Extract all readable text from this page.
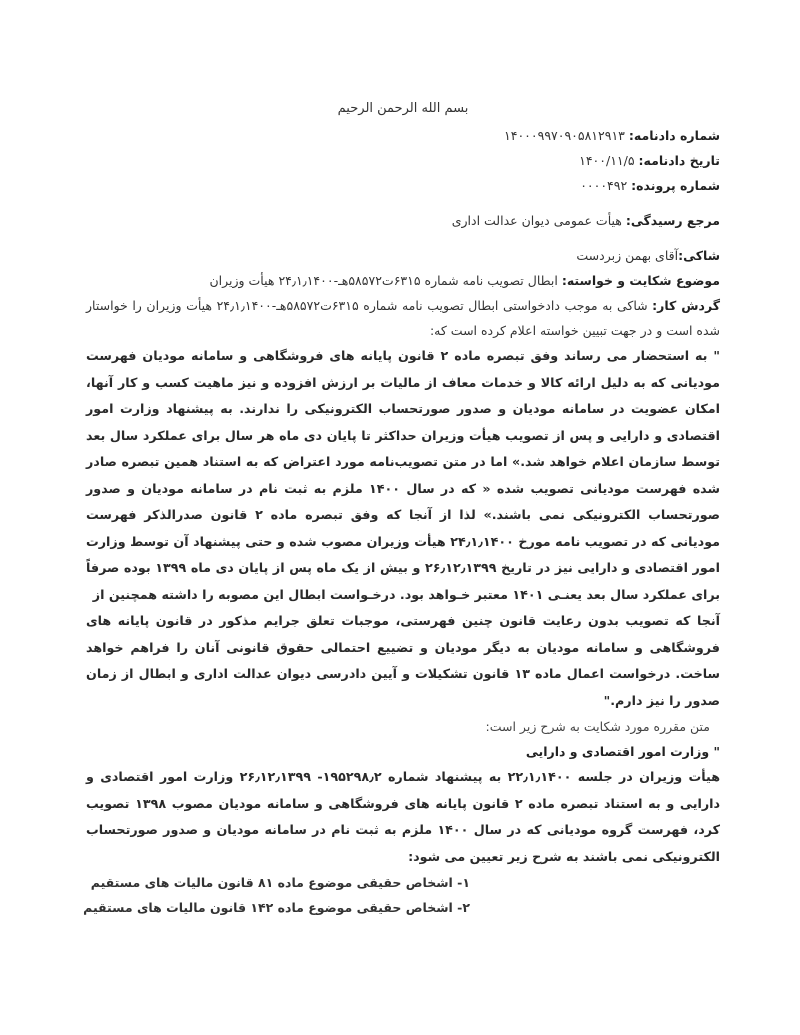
بسم الله الرحمن الرحیم

شماره دادنامه: ۱۴۰۰۰۹۹۷۰۹۰۵۸۱۲۹۱۳

تاریخ دادنامه: ۱۴۰۰/۱۱/۵

شماره پرونده: ۰۰۰۰۴۹۲

مرجع رسیدگی: هیأت عمومی دیوان عدالت اداری

شاکی:آقای بهمن زبردست

موضوع شکایت و خواسته: ابطال تصویب نامه شماره ۶۳۱۵ت۵۸۵۷۲هـ-۲۴٫۱٫۱۴۰۰ هیأت وزیران

گردش کار: شاکی به موجب دادخواستی ابطال تصویب نامه شماره ۶۳۱۵ت۵۸۵۷۲هـ-۲۴٫۱٫۱۴۰۰ هیأت وزیران را خواستار شده است و در جهت تبیین خواسته اعلام کرده است که:

" به استحضار می رساند وفق تبصره ماده ۲ قانون پایانه های فروشگاهی و سامانه مودیان فهرست مودیانی که به دلیل ارائه کالا و خدمات معاف از مالیات بر ارزش افزوده و نیز ماهیت کسب و کار آنها، امکان عضویت در سامانه مودیان و صدور صورتحساب الکترونیکی را ندارند. به پیشنهاد وزارت امور اقتصادی و دارایی و پس از تصویب هیأت وزیران حداکثر تا پایان دی ماه هر سال برای عملکرد سال بعد توسط سازمان اعلام خواهد شد.» اما در متن تصویب‌نامه مورد اعتراض که به استناد همین تبصره صادر شده فهرست مودیانی تصویب شده « که در سال ۱۴۰۰ ملزم به ثبت نام در سامانه مودیان و صدور صورتحساب الکترونیکی نمی باشند.» لذا از آنجا که وفق تبصره ماده ۲ قانون صدرالذکر فهرست مودیانی که در تصویب نامه مورخ ۲۴٫۱٫۱۴۰۰ هیأت وزیران مصوب شده و حتی پیشنهاد آن توسط وزارت امور اقتصادی و دارایی نیز در تاریخ ۲۶٫۱۲٫۱۳۹۹ و بیش از یک ماه پس از پایان دی ماه ۱۳۹۹ بوده صرفاً برای عملکرد سال بعد یعنـی ۱۴۰۱ معتبر خـواهد بود. درخـواست ابطال این مصوبه را داشته همچنین از

آنجا که تصویب بدون رعایت قانون چنین فهرستی، موجبات تعلق جرایم مذکور در قانون پایانه های فروشگاهی و سامانه مودیان به دیگر مودیان و تضییع احتمالی حقوق قانونی آنان را فراهم خواهد ساخت. درخواست اعمال ماده ۱۳ قانون تشکیلات و آیین دادرسی دیوان عدالت اداری و ابطال از زمان صدور را نیز دارم."

متن مقرره مورد شکایت به شرح زیر است:

" وزارت امور اقتصادی و دارایی

هیأت وزیران در جلسه ۲۲٫۱٫۱۴۰۰ به پیشنهاد شماره ۱۹۵۲۹۸٫۲- ۲۶٫۱۲٫۱۳۹۹ وزارت امور اقتصادی و دارایی و به استناد تبصره ماده ۲ قانون پایانه های فروشگاهی و سامانه مودیان مصوب ۱۳۹۸ تصویب کرد، فهرست گروه مودیانی که در سال ۱۴۰۰ ملزم به ثبت نام در سامانه مودیان و صدور صورتحساب الکترونیکی نمی باشند به شرح زیر تعیین می شود:

۱- اشخاص حقیقی موضوع ماده ۸۱ قانون مالیات های مستقیم

۲- اشخاص حقیقی موضوع ماده ۱۴۲ قانون مالیات های مستقیم
